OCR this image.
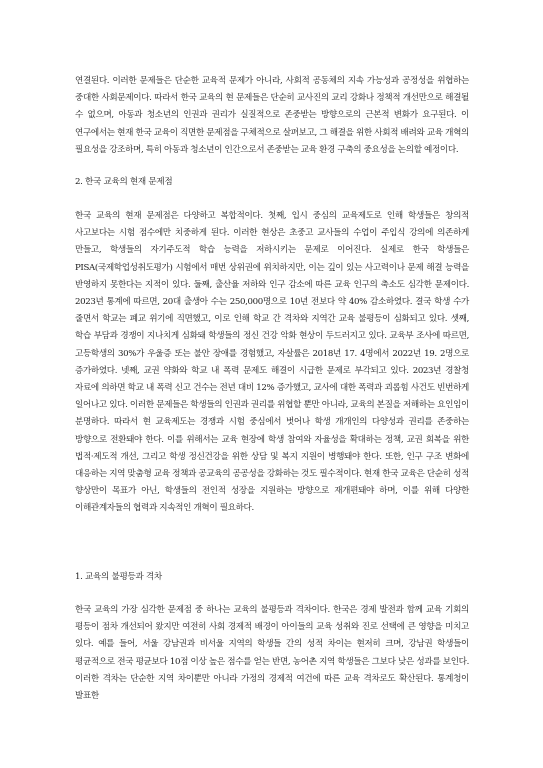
연결된다. 이러한 문제들은 단순한 교육적 문제가 아니라, 사회적 공동체의 지속 가능성과 공정성을 위협하는 중대한 사회문제이다. 따라서 한국 교육의 현 문제들은 단순히 교사진의 교리 강화나 정책적 개선만으로 해결될 수 없으며, 아동과 청소년의 인권과 권리가 실질적으로 존중받는 방향으로의 근본적 변화가 요구된다. 이 연구에서는 현재 한국 교육이 직면한 문제점을 구체적으로 살펴보고, 그 해결을 위한 사회적 배려와 교육 개혁의 필요성을 강조하며, 특히 아동과 청소년이 인간으로서 존중받는 교육 환경 구축의 중요성을 논의할 예정이다.

2. 한국 교육의 현재 문제점

한국 교육의 현재 문제점은 다양하고 복합적이다. 첫째, 입시 중심의 교육제도로 인해 학생들은 창의적 사고보다는 시험 점수에만 치중하게 된다. 이러한 현상은 초중고 교사들의 수업이 주입식 강의에 의존하게 만들고, 학생들의 자기주도적 학습 능력을 저하시키는 문제로 이어진다. 실제로 한국 학생들은 PISA(국제학업성취도평가) 시험에서 매번 상위권에 위치하지만, 이는 깊이 있는 사고력이나 문제 해결 능력을 반영하지 못한다는 지적이 있다. 둘째, 출산율 저하와 인구 감소에 따른 교육 인구의 축소도 심각한 문제이다. 2023년 통계에 따르면, 20대 출생아 수는 250,000명으로 10년 전보다 약 40% 감소하였다. 결국 학생 수가 줄면서 학교는 폐교 위기에 직면했고, 이로 인해 학교 간 격차와 지역간 교육 불평등이 심화되고 있다. 셋째, 학습 부담과 경쟁이 지나치게 심화돼 학생들의 정신 건강 악화 현상이 두드러지고 있다. 교육부 조사에 따르면, 고등학생의 30%가 우울증 또는 불안 장애를 경험했고, 자살률은 2018년 17. 4명에서 2022년 19. 2명으로 증가하였다. 넷째, 교권 약화와 학교 내 폭력 문제도 해결이 시급한 문제로 부각되고 있다. 2023년 경찰청 자료에 의하면 학교 내 폭력 신고 건수는 전년 대비 12% 증가했고, 교사에 대한 폭력과 괴롭힘 사건도 빈번하게 일어나고 있다. 이러한 문제들은 학생들의 인권과 권리를 위협할 뿐만 아니라, 교육의 본질을 저해하는 요인임이 분명하다. 따라서 현 교육제도는 경쟁과 시험 중심에서 벗어나 학생 개개인의 다양성과 권리를 존중하는 방향으로 전환돼야 한다. 이를 위해서는 교육 현장에 학생 참여와 자율성을 확대하는 정책, 교권 회복을 위한 법적·제도적 개선, 그리고 학생 정신건강을 위한 상담 및 복지 지원이 병행돼야 한다. 또한, 인구 구조 변화에 대응하는 지역 맞춤형 교육 정책과 공교육의 공공성을 강화하는 것도 필수적이다. 현재 한국 교육은 단순히 성적 향상만이 목표가 아닌, 학생들의 전인적 성장을 지원하는 방향으로 재개편돼야 하며, 이를 위해 다양한 이해관계자들의 협력과 지속적인 개혁이 필요하다.

1. 교육의 불평등과 격차

한국 교육의 가장 심각한 문제점 중 하나는 교육의 불평등과 격차이다. 한국은 경제 발전과 함께 교육 기회의 평등이 점차 개선되어 왔지만 여전히 사회 경제적 배경이 아이들의 교육 성취와 진로 선택에 큰 영향을 미치고 있다. 예를 들어, 서울 강남권과 비서울 지역의 학생들 간의 성적 차이는 현저히 크며, 강남권 학생들이 평균적으로 전국 평균보다 10점 이상 높은 점수를 얻는 반면, 농어촌 지역 학생들은 그보다 낮은 성과를 보인다. 이러한 격차는 단순한 지역 차이뿐만 아니라 가정의 경제적 여건에 따른 교육 격차로도 확산된다. 통계청이 발표한
